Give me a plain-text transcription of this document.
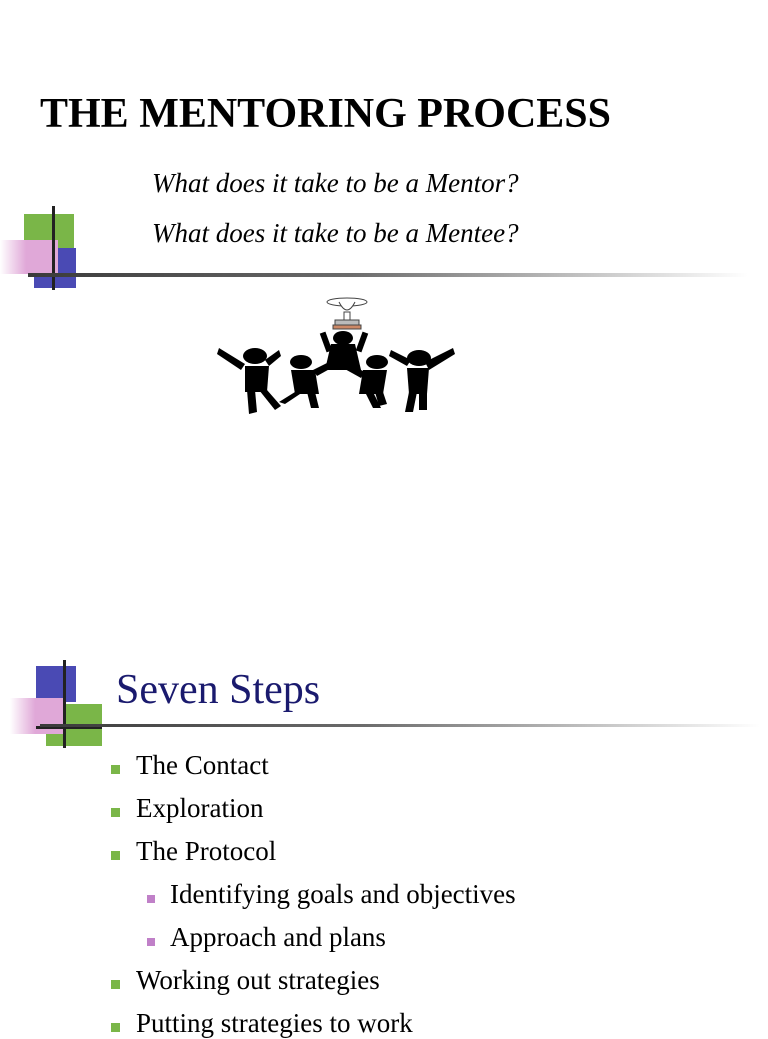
THE MENTORING PROCESS
What does it take to be a Mentor?
What does it take to be a Mentee?
Seven Steps
The Contact
Exploration
The Protocol
Identifying goals and objectives
Approach and plans
Working out strategies
Putting strategies to work
